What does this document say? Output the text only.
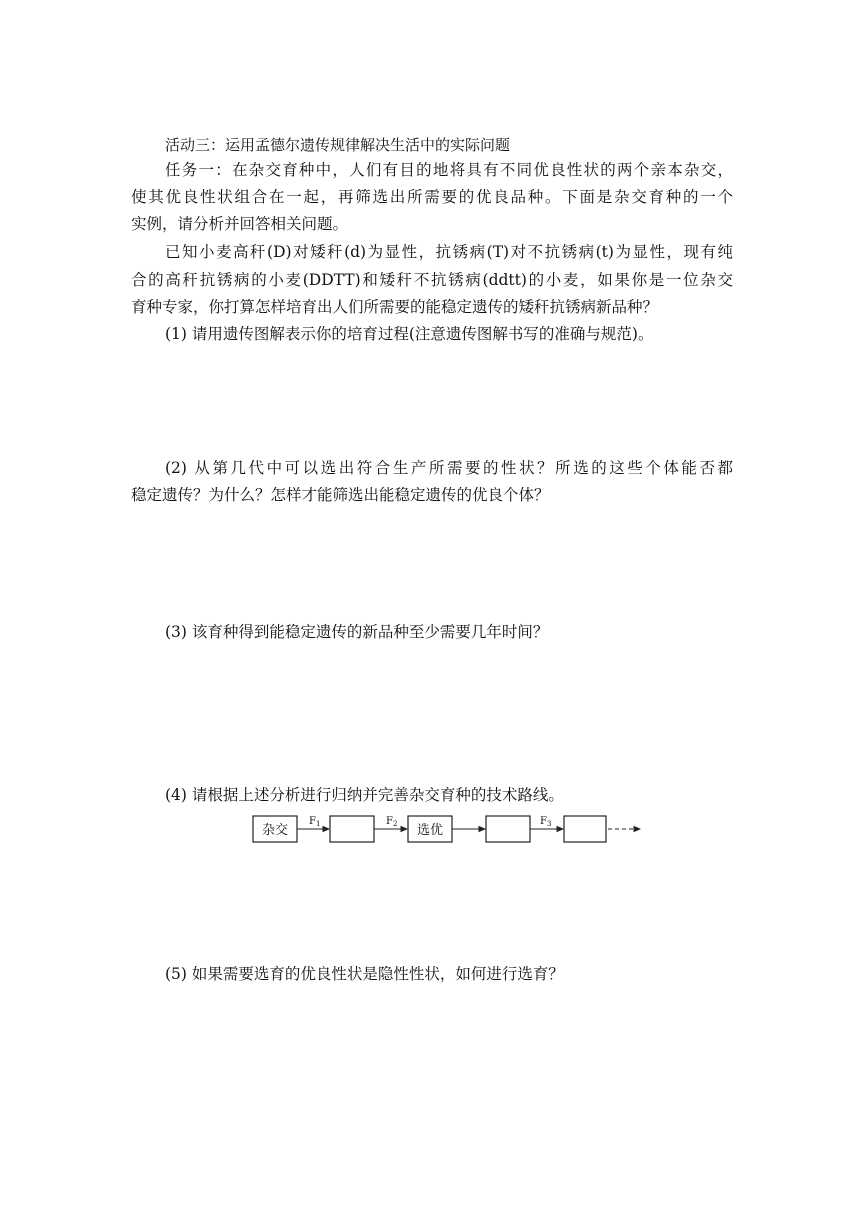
活动三：运用孟德尔遗传规律解决生活中的实际问题
任务一：在杂交育种中，人们有目的地将具有不同优良性状的两个亲本杂交，
使其优良性状组合在一起，再筛选出所需要的优良品种。下面是杂交育种的一个
实例，请分析并回答相关问题。
已知小麦高秆(D)对矮秆(d)为显性，抗锈病(T)对不抗锈病(t)为显性，现有纯
合的高秆抗锈病的小麦(DDTT)和矮秆不抗锈病(ddtt)的小麦，如果你是一位杂交
育种专家，你打算怎样培育出人们所需要的能稳定遗传的矮秆抗锈病新品种？
(1) 请用遗传图解表示你的培育过程(注意遗传图解书写的准确与规范)。
(2) 从第几代中可以选出符合生产所需要的性状？所选的这些个体能否都
稳定遗传？为什么？怎样才能筛选出能稳定遗传的优良个体？
(3) 该育种得到能稳定遗传的新品种至少需要几年时间？
(4) 请根据上述分析进行归纳并完善杂交育种的技术路线。
杂交
$F_1$	$F_2$ 选优
$F_3$
(5) 如果需要选育的优良性状是隐性性状，如何进行选育？
